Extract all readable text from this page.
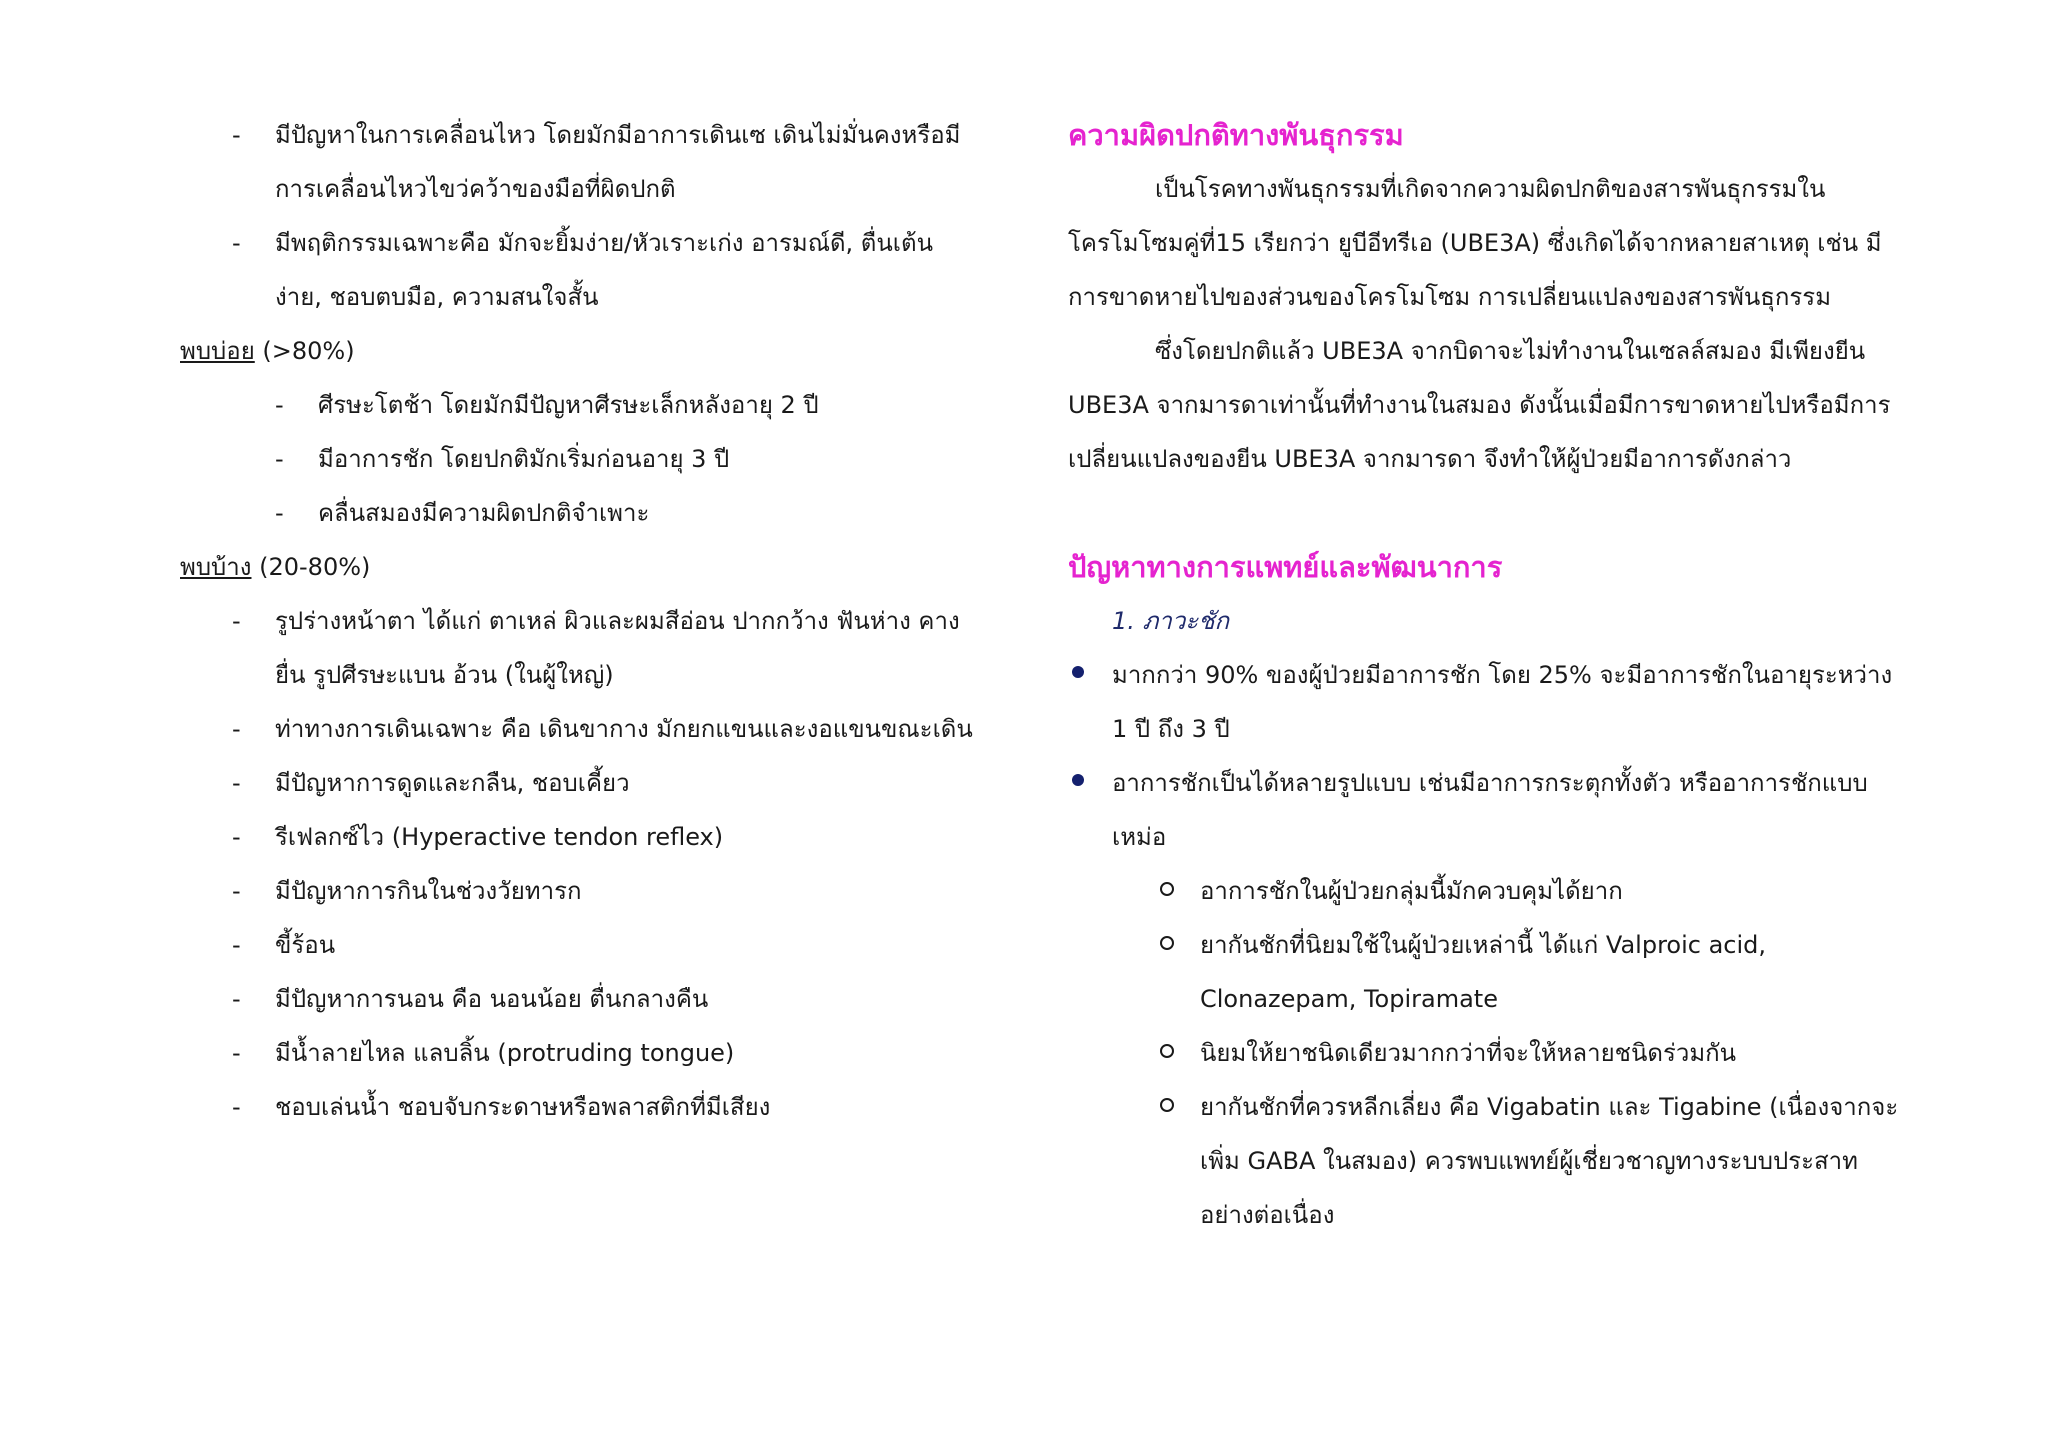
- มีปัญหาในการเคลื่อนไหว โดยมักมีอาการเดินเซ เดินไม่มั่นคงหรือมี
การเคลื่อนไหวไขว่คว้าของมือที่ผิดปกติ
- มีพฤติกรรมเฉพาะคือ มักจะยิ้มง่าย/หัวเราะเก่ง อารมณ์ดี, ตื่นเต้น
ง่าย, ชอบตบมือ, ความสนใจสั้น
พบบ่อย (>80%)
- ศีรษะโตช้า โดยมักมีปัญหาศีรษะเล็กหลังอายุ 2 ปี
- มีอาการชัก โดยปกติมักเริ่มก่อนอายุ 3 ปี
- คลื่นสมองมีความผิดปกติจำเพาะ
พบบ้าง (20-80%)
- รูปร่างหน้าตา ได้แก่ ตาเหล่ ผิวและผมสีอ่อน ปากกว้าง ฟันห่าง คาง
ยื่น รูปศีรษะแบน อ้วน (ในผู้ใหญ่)
- ท่าทางการเดินเฉพาะ คือ เดินขากาง มักยกแขนและงอแขนขณะเดิน
- มีปัญหาการดูดและกลืน, ชอบเคี้ยว
- รีเฟลกซ์ไว (Hyperactive tendon reflex)
- มีปัญหาการกินในช่วงวัยทารก
- ขี้ร้อน
- มีปัญหาการนอน คือ นอนน้อย ตื่นกลางคืน
- มีน้ำลายไหล แลบลิ้น (protruding tongue)
- ชอบเล่นน้ำ ชอบจับกระดาษหรือพลาสติกที่มีเสียง
ความผิดปกติทางพันธุกรรม
เป็นโรคทางพันธุกรรมที่เกิดจากความผิดปกติของสารพันธุกรรมใน
โครโมโซมคู่ที่15 เรียกว่า ยูบีอีทรีเอ (UBE3A) ซึ่งเกิดได้จากหลายสาเหตุ เช่น มี
การขาดหายไปของส่วนของโครโมโซม การเปลี่ยนแปลงของสารพันธุกรรม
ซึ่งโดยปกติแล้ว UBE3A จากบิดาจะไม่ทำงานในเซลล์สมอง มีเพียงยีน
UBE3A จากมารดาเท่านั้นที่ทำงานในสมอง ดังนั้นเมื่อมีการขาดหายไปหรือมีการ
เปลี่ยนแปลงของยีน UBE3A จากมารดา จึงทำให้ผู้ป่วยมีอาการดังกล่าว
ปัญหาทางการแพทย์และพัฒนาการ
1. ภาวะชัก
มากกว่า 90% ของผู้ป่วยมีอาการชัก โดย 25% จะมีอาการชักในอายุระหว่าง
1 ปี ถึง 3 ปี
อาการชักเป็นได้หลายรูปแบบ เช่นมีอาการกระตุกทั้งตัว หรืออาการชักแบบ
เหม่อ
อาการชักในผู้ป่วยกลุ่มนี้มักควบคุมได้ยาก
ยากันชักที่นิยมใช้ในผู้ป่วยเหล่านี้ ได้แก่ Valproic acid,
Clonazepam, Topiramate
นิยมให้ยาชนิดเดียวมากกว่าที่จะให้หลายชนิดร่วมกัน
ยากันชักที่ควรหลีกเลี่ยง คือ Vigabatin และ Tigabine (เนื่องจากจะ
เพิ่ม GABA ในสมอง) ควรพบแพทย์ผู้เชี่ยวชาญทางระบบประสาท
อย่างต่อเนื่อง
